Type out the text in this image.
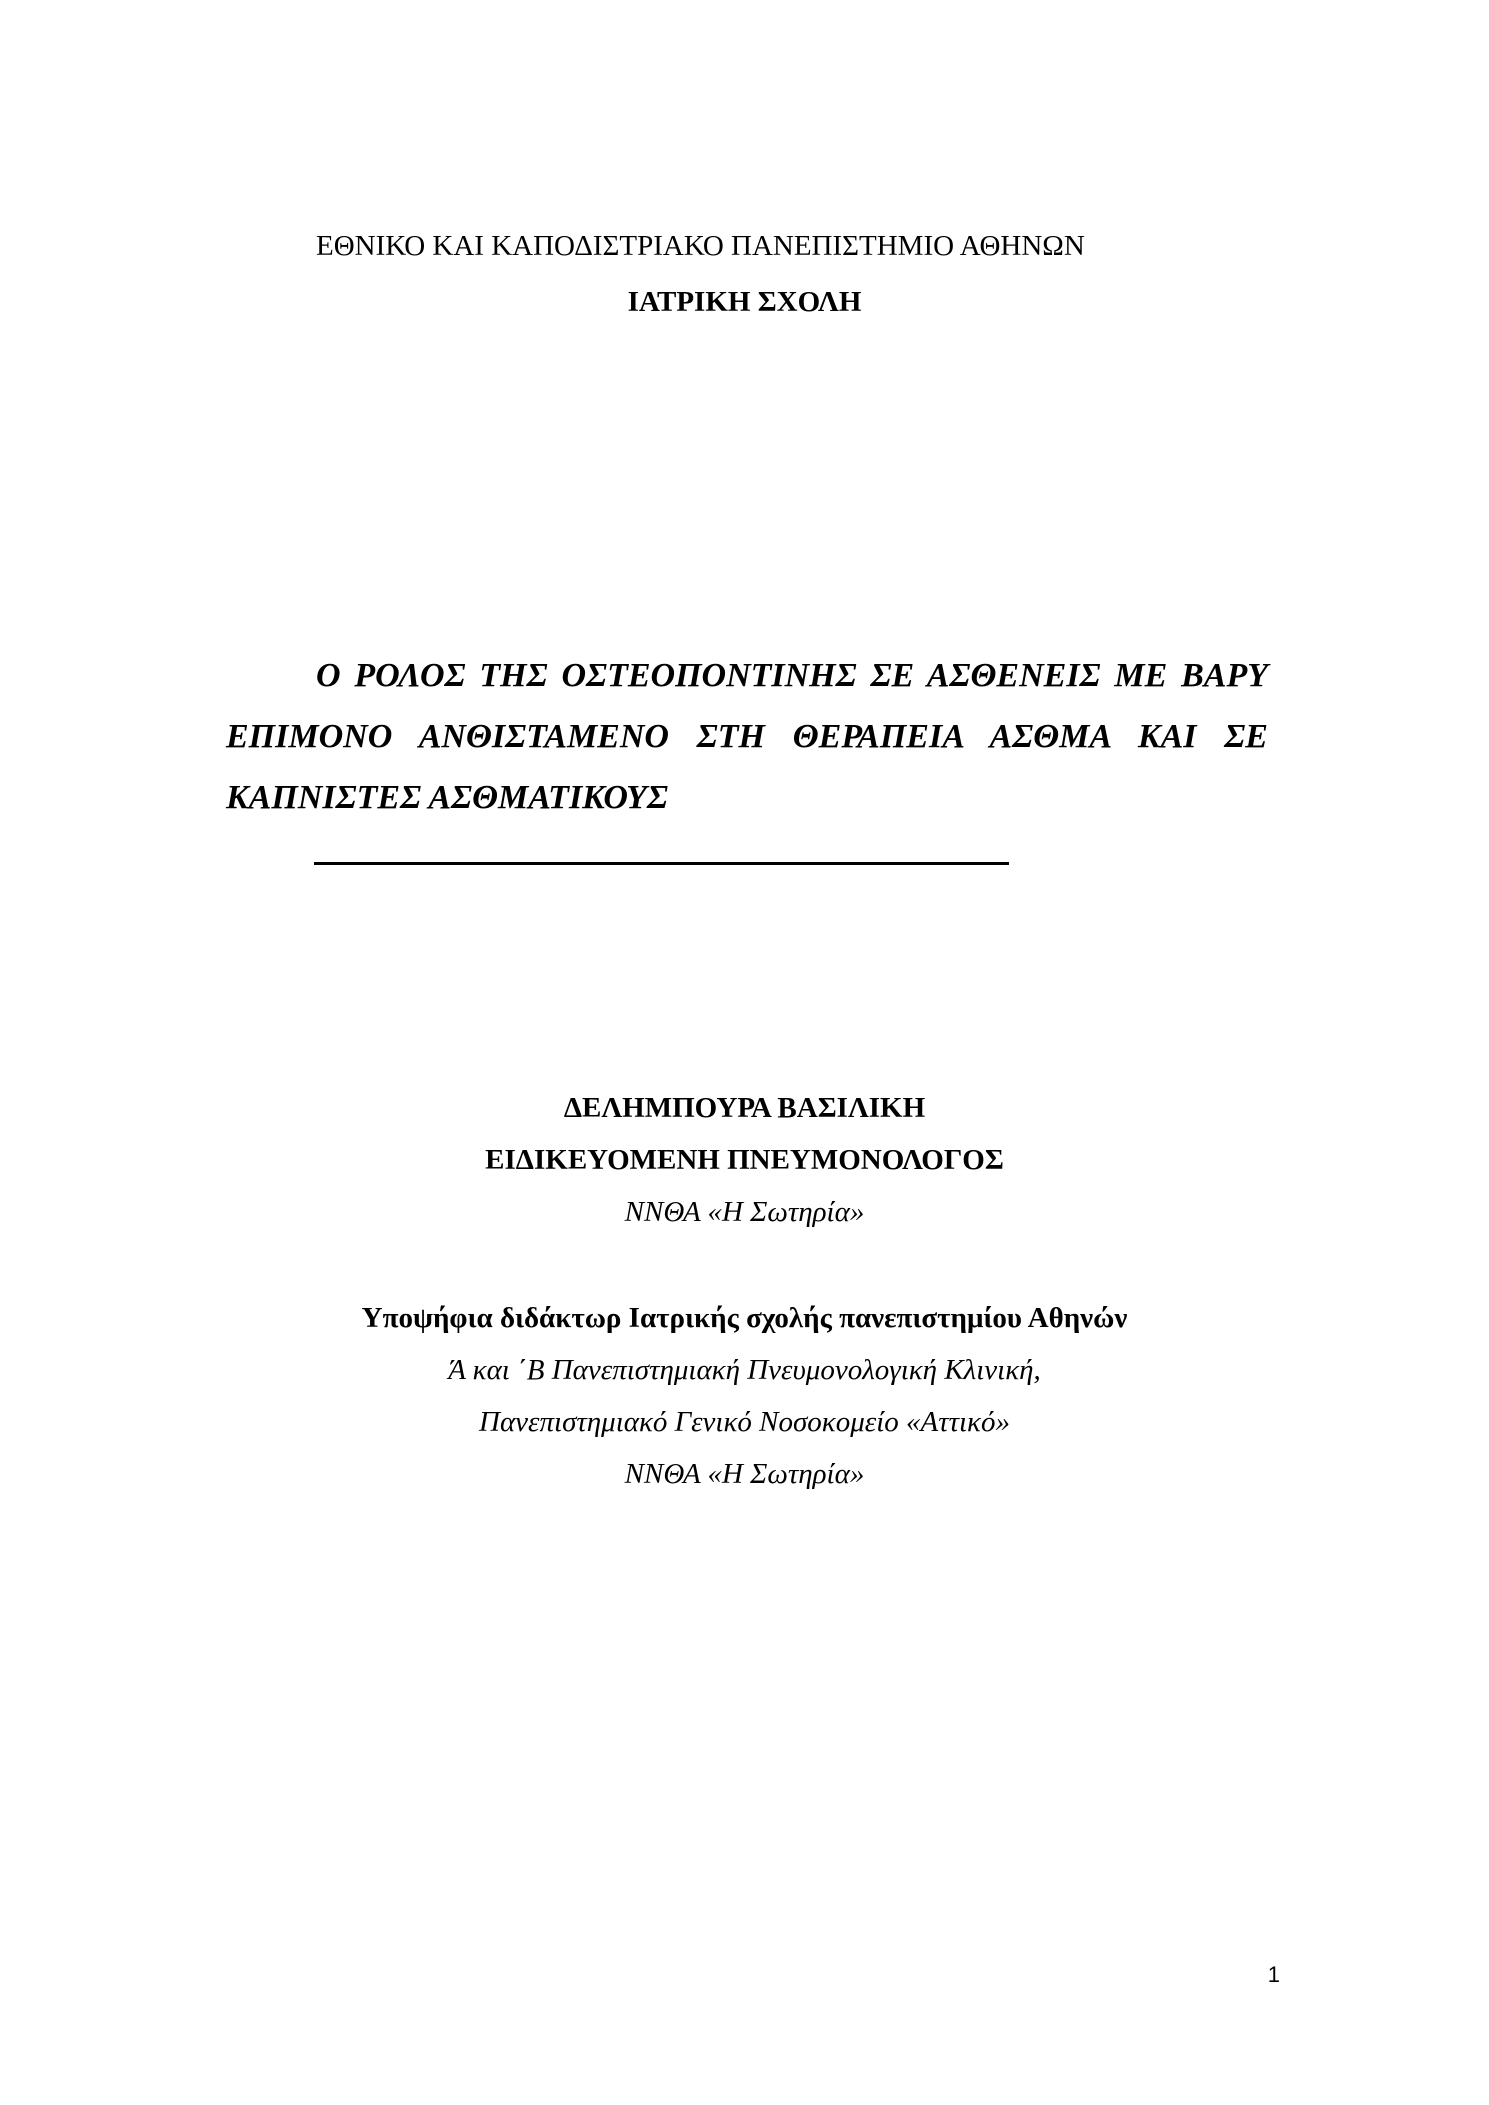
ΕΘΝΙΚΟ ΚΑΙ ΚΑΠΟΔΙΣΤΡΙΑΚΟ ΠΑΝΕΠΙΣΤΗΜΙΟ ΑΘΗΝΩΝ

ΙΑΤΡΙΚΗ ΣΧΟΛΗ

Ο ΡΟΛΟΣ ΤΗΣ ΟΣΤΕΟΠΟΝΤΙΝΗΣ ΣΕ ΑΣΘΕΝΕΙΣ ΜΕ ΒΑΡΥ ΕΠΙΜΟΝΟ ΑΝΘΙΣΤΑΜΕΝΟ ΣΤΗ ΘΕΡΑΠΕΙΑ ΑΣΘΜΑ ΚΑΙ ΣΕ ΚΑΠΝΙΣΤΕΣ ΑΣΘΜΑΤΙΚΟΥΣ

ΔΕΛΗΜΠΟΥΡΑ ΒΑΣΙΛΙΚΗ

ΕΙΔΙΚΕΥΟΜΕΝΗ ΠΝΕΥΜΟΝΟΛΟΓΟΣ

ΝΝΘΑ «Η Σωτηρία»

Υποψήφια διδάκτωρ Ιατρικής σχολής πανεπιστημίου Αθηνών

Ά και ΄Β Πανεπιστημιακή Πνευμονολογική Κλινική,

Πανεπιστημιακό Γενικό Νοσοκομείο «Αττικό»

ΝΝΘΑ «Η Σωτηρία»

1
